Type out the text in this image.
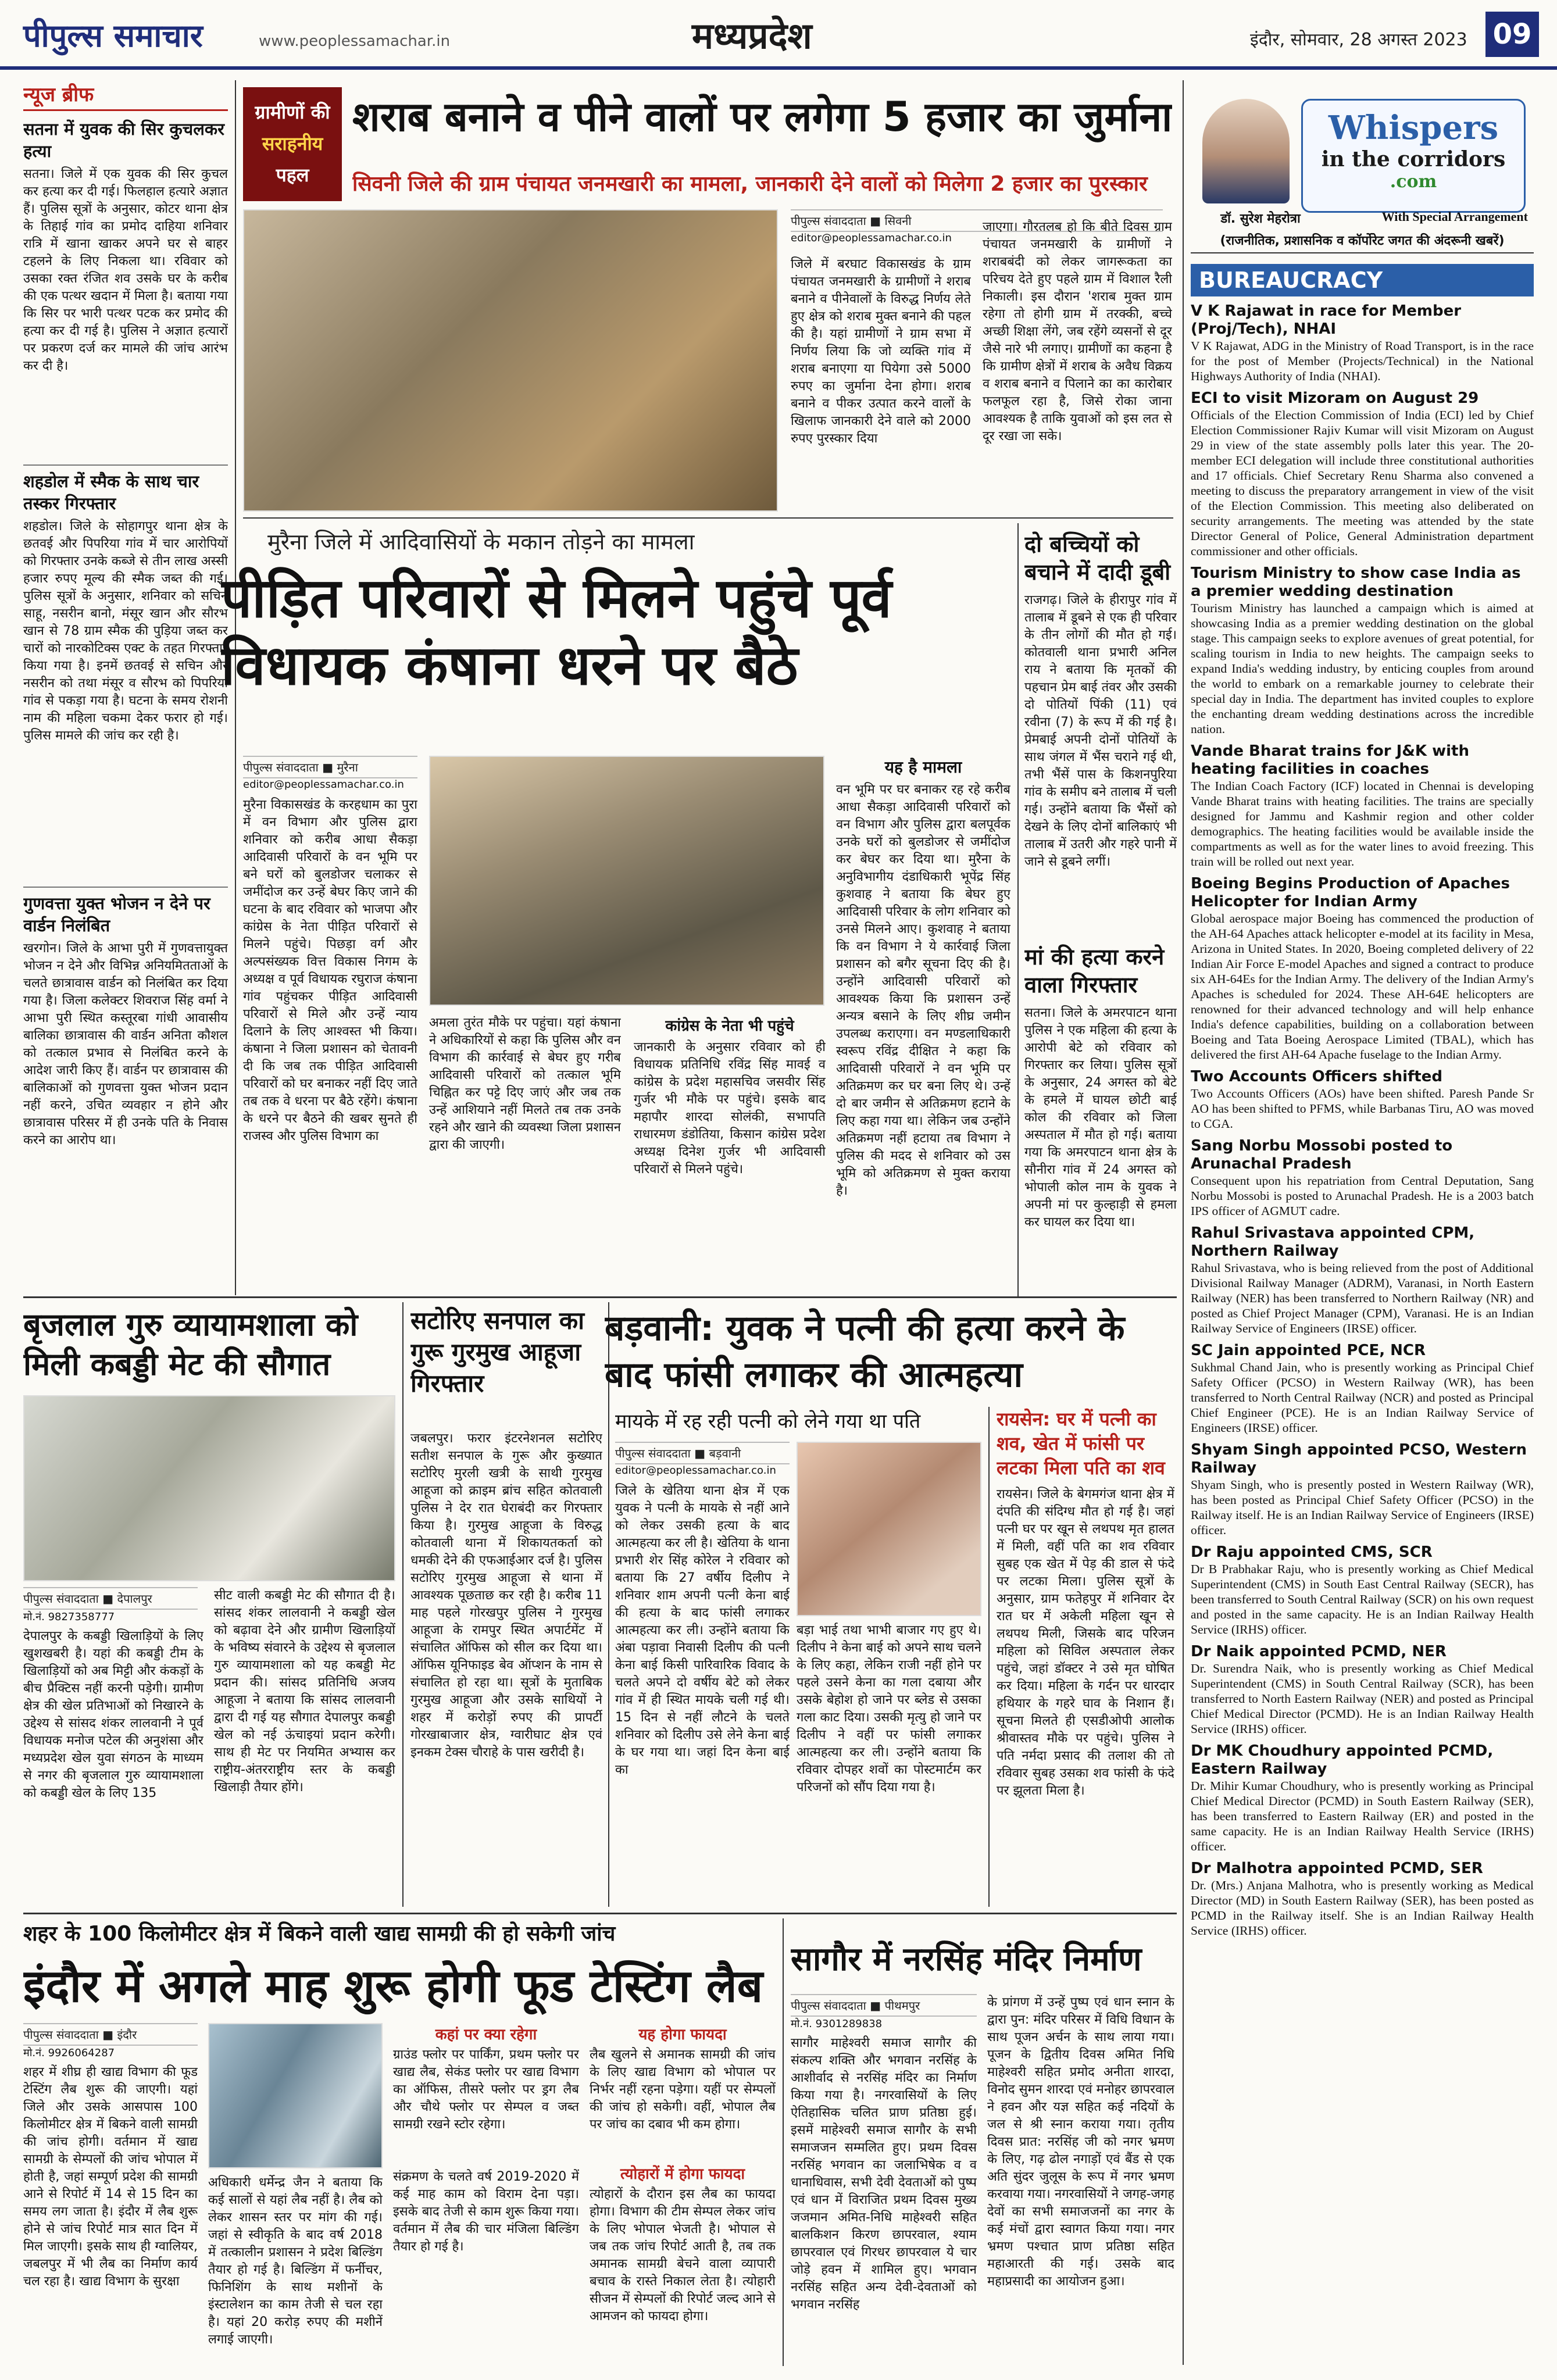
पीपुल्स समाचार	www.peoplessamachar.in	मध्यप्रदेश	इंदौर, सोमवार, 28 अगस्त 2023 09
न्यूज ब्रीफ
सतना में युवक की सिर कुचलकर हत्या
सतना। जिले में एक युवक की सिर कुचल कर हत्या कर दी गई। फिलहाल हत्यारे अज्ञात हैं। पुलिस सूत्रों के अनुसार, कोटर थाना क्षेत्र के तिहाई गांव का प्रमोद दाहिया शनिवार रात्रि में खाना खाकर अपने घर से बाहर टहलने के लिए निकला था। रविवार को उसका रक्त रंजित शव उसके घर के करीब की एक पत्थर खदान में मिला है। बताया गया कि सिर पर भारी पत्थर पटक कर प्रमोद की हत्या कर दी गई है। पुलिस ने अज्ञात हत्यारों पर प्रकरण दर्ज कर मामले की जांच आरंभ कर दी है।
शहडोल में स्मैक के साथ चार तस्कर गिरफ्तार
शहडोल। जिले के सोहागपुर थाना क्षेत्र के छतवई और पिपरिया गांव में चार आरोपियों को गिरफ्तार उनके कब्जे से तीन लाख अस्सी हजार रुपए मूल्य की स्मैक जब्त की गई। पुलिस सूत्रों के अनुसार, शनिवार को सचिन साहू, नसरीन बानो, मंसूर खान और सौरभ खान से 78 ग्राम स्मैक की पुड़िया जब्त कर चारों को नारकोटिक्स एक्ट के तहत गिरफ्तार किया गया है। इनमें छतवई से सचिन और नसरीन को तथा मंसूर व सौरभ को पिपरिया गांव से पकड़ा गया है। घटना के समय रोशनी नाम की महिला चकमा देकर फरार हो गई। पुलिस मामले की जांच कर रही है।
गुणवत्ता युक्त भोजन न देने पर वार्डन निलंबित
खरगोन। जिले के आभा पुरी में गुणवत्तायुक्त भोजन न देने और विभिन्न अनियमितताओं के चलते छात्रावास वार्डन को निलंबित कर दिया गया है। जिला कलेक्टर शिवराज सिंह वर्मा ने आभा पुरी स्थित कस्तूरबा गांधी आवासीय बालिका छात्रावास की वार्डन अनिता कौशल को तत्काल प्रभाव से निलंबित करने के आदेश जारी किए हैं। वार्डन पर छात्रावास की बालिकाओं को गुणवत्ता युक्त भोजन प्रदान नहीं करने, उचित व्यवहार न होने और छात्रावास परिसर में ही उनके पति के निवास करने का आरोप था।
ग्रामीणों की
सराहनीय
पहल
शराब बनाने व पीने वालों पर लगेगा 5 हजार का जुर्माना
सिवनी जिले की ग्राम पंचायत जनमखारी का मामला, जानकारी देने वालों को मिलेगा 2 हजार का पुरस्कार
पीपुल्स संवाददाता ■ सिवनी
editor@peoplessamachar.co.in
जिले में बरघाट विकासखंड के ग्राम पंचायत जनमखारी के ग्रामीणों ने शराब बनाने व पीनेवालों के विरुद्ध निर्णय लेते हुए क्षेत्र को शराब मुक्त बनाने की पहल की है। यहां ग्रामीणों ने ग्राम सभा में निर्णय लिया कि जो व्यक्ति गांव में शराब बनाएगा या पियेगा उसे 5000 रुपए का जुर्माना देना होगा। शराब बनाने व पीकर उत्पात करने वालों के खिलाफ जानकारी देने वाले को 2000 रुपए पुरस्कार दिया
जाएगा। गौरतलब हो कि बीते दिवस ग्राम पंचायत जनमखारी के ग्रामीणों ने शराबबंदी को लेकर जागरूकता का परिचय देते हुए पहले ग्राम में विशाल रैली निकाली। इस दौरान 'शराब मुक्त ग्राम रहेगा तो होगी ग्राम में तरक्की, बच्चे अच्छी शिक्षा लेंगे, जब रहेंगे व्यसनों से दूर जैसे नारे भी लगाए। ग्रामीणों का कहना है कि ग्रामीण क्षेत्रों में शराब के अवैध विक्रय व शराब बनाने व पिलाने का का कारोबार फलफूल रहा है, जिसे रोका जाना आवश्यक है ताकि युवाओं को इस लत से दूर रखा जा सके।
मुरैना जिले में आदिवासियों के मकान तोड़ने का मामला
पीड़ित परिवारों से मिलने पहुंचे पूर्व विधायक कंषाना धरने पर बैठे
पीपुल्स संवाददाता ■ मुरैना
editor@peoplessamachar.co.in
मुरैना विकासखंड के करहधाम का पुरा में वन विभाग और पुलिस द्वारा शनिवार को करीब आधा सैकड़ा आदिवासी परिवारों के वन भूमि पर बने घरों को बुलडोजर चलाकर से जमींदोज कर उन्हें बेघर किए जाने की घटना के बाद रविवार को भाजपा और कांग्रेस के नेता पीड़ित परिवारों से मिलने पहुंचे। पिछड़ा वर्ग और अल्पसंख्यक वित्त विकास निगम के अध्यक्ष व पूर्व विधायक रघुराज कंषाना गांव पहुंचकर पीड़ित आदिवासी परिवारों से मिले और उन्हें न्याय दिलाने के लिए आश्वस्त भी किया। कंषाना ने जिला प्रशासन को चेतावनी दी कि जब तक पीड़ित आदिवासी परिवारों को घर बनाकर नहीं दिए जाते तब तक वे धरना पर बैठे रहेंगे। कंषाना के धरने पर बैठने की खबर सुनते ही राजस्व और पुलिस विभाग का
अमला तुरंत मौके पर पहुंचा। यहां कंषाना ने अधिकारियों से कहा कि पुलिस और वन विभाग की कार्रवाई से बेघर हुए गरीब आदिवासी परिवारों को तत्काल भूमि चिह्नित कर पट्टे दिए जाएं और जब तक उन्हें आशियाने नहीं मिलते तब तक उनके रहने और खाने की व्यवस्था जिला प्रशासन द्वारा की जाएगी।
कांग्रेस के नेता भी पहुंचे
जानकारी के अनुसार रविवार को ही विधायक प्रतिनिधि रविंद्र सिंह मावई व कांग्रेस के प्रदेश महासचिव जसवीर सिंह गुर्जर भी मौके पर पहुंचे। इसके बाद महापौर शारदा सोलंकी, सभापति राधारमण डंडोतिया, किसान कांग्रेस प्रदेश अध्यक्ष दिनेश गुर्जर भी आदिवासी परिवारों से मिलने पहुंचे।
यह है मामला
वन भूमि पर घर बनाकर रह रहे करीब आधा सैकड़ा आदिवासी परिवारों को वन विभाग और पुलिस द्वारा बलपूर्वक उनके घरों को बुलडोजर से जमींदोज कर बेघर कर दिया था। मुरैना के अनुविभागीय दंडाधिकारी भूपेंद्र सिंह कुशवाह ने बताया कि बेघर हुए आदिवासी परिवार के लोग शनिवार को उनसे मिलने आए। कुशवाह ने बताया कि वन विभाग ने ये कार्रवाई जिला प्रशासन को बगैर सूचना दिए की है। उन्होंने आदिवासी परिवारों को आवश्यक किया कि प्रशासन उन्हें अन्यत्र बसाने के लिए शीघ्र जमीन उपलब्ध कराएगा। वन मण्डलाधिकारी स्वरूप रविंद्र दीक्षित ने कहा कि आदिवासी परिवारों ने वन भूमि पर अतिक्रमण कर घर बना लिए थे। उन्हें दो बार जमीन से अतिक्रमण हटाने के लिए कहा गया था। लेकिन जब उन्होंने अतिक्रमण नहीं हटाया तब विभाग ने पुलिस की मदद से शनिवार को उस भूमि को अतिक्रमण से मुक्त कराया है।
दो बच्चियों को बचाने में दादी डूबी
राजगढ़। जिले के हीरापुर गांव में तालाब में डूबने से एक ही परिवार के तीन लोगों की मौत हो गई। कोतवाली थाना प्रभारी अनिल राय ने बताया कि मृतकों की पहचान प्रेम बाई तंवर और उसकी दो पोतियों पिंकी (11) एवं रवीना (7) के रूप में की गई है। प्रेमबाई अपनी दोनों पोतियों के साथ जंगल में भैंस चराने गई थी, तभी भैंसें पास के किशनपुरिया गांव के समीप बने तालाब में चली गई। उन्होंने बताया कि भैंसों को देखने के लिए दोनों बालिकाएं भी तालाब में उतरी और गहरे पानी में जाने से डूबने लगीं।
मां की हत्या करने वाला गिरफ्तार
सतना। जिले के अमरपाटन थाना पुलिस ने एक महिला की हत्या के आरोपी बेटे को रविवार को गिरफ्तार कर लिया। पुलिस सूत्रों के अनुसार, 24 अगस्त को बेटे के हमले में घायल छोटी बाई कोल की रविवार को जिला अस्पताल में मौत हो गई। बताया गया कि अमरपाटन थाना क्षेत्र के सौनीरा गांव में 24 अगस्त को भोपाली कोल नाम के युवक ने अपनी मां पर कुल्हाड़ी से हमला कर घायल कर दिया था।
बृजलाल गुरु व्यायामशाला को मिली कबड्डी मेट की सौगात
पीपुल्स संवाददाता ■ देपालपुर
मो.नं. 9827358777
देपालपुर के कबड्डी खिलाड़ियों के लिए खुशखबरी है। यहां की कबड्डी टीम के खिलाड़ियों को अब मिट्टी और कंकड़ों के बीच प्रैक्टिस नहीं करनी पड़ेगी। ग्रामीण क्षेत्र की खेल प्रतिभाओं को निखारने के उद्देश्य से सांसद शंकर लालवानी ने पूर्व विधायक मनोज पटेल की अनुशंसा और मध्यप्रदेश खेल युवा संगठन के माध्यम से नगर की बृजलाल गुरु व्यायामशाला को कबड्डी खेल के लिए 135
सीट वाली कबड्डी मेट की सौगात दी है। सांसद शंकर लालवानी ने कबड्डी खेल को बढ़ावा देने और ग्रामीण खिलाड़ियों के भविष्य संवारने के उद्देश्य से बृजलाल गुरु व्यायामशाला को यह कबड्डी मेट प्रदान की। सांसद प्रतिनिधि अजय आहूजा ने बताया कि सांसद लालवानी द्वारा दी गई यह सौगात देपालपुर कबड्डी खेल को नई ऊंचाइयां प्रदान करेगी। साथ ही मेट पर नियमित अभ्यास कर राष्ट्रीय-अंतरराष्ट्रीय स्तर के कबड्डी खिलाड़ी तैयार होंगे।
सटोरिए सनपाल का गुरू गुरमुख आहूजा गिरफ्तार
जबलपुर। फरार इंटरनेशनल सटोरिए सतीश सनपाल के गुरू और कुख्यात सटोरिए मुरली खत्री के साथी गुरमुख आहूजा को क्राइम ब्रांच सहित कोतवाली पुलिस ने देर रात घेराबंदी कर गिरफ्तार किया है। गुरमुख आहूजा के विरुद्ध कोतवाली थाना में शिकायतकर्ता को धमकी देने की एफआईआर दर्ज है। पुलिस सटोरिए गुरमुख आहूजा से थाना में आवश्यक पूछताछ कर रही है। करीब 11 माह पहले गोरखपुर पुलिस ने गुरमुख आहूजा के रामपुर स्थित अपार्टमेंट में संचालित ऑफिस को सील कर दिया था। ऑफिस यूनिफाइड बेव ऑप्शन के नाम से संचालित हो रहा था। सूत्रों के मुताबिक गुरमुख आहूजा और उसके साथियों ने शहर में करोड़ों रुपए की प्रापर्टी गोरखाबाजार क्षेत्र, ग्वारीघाट क्षेत्र एवं इनकम टेक्स चौराहे के पास खरीदी है।
बड़वानी: युवक ने पत्नी की हत्या करने के बाद फांसी लगाकर की आत्महत्या
मायके में रह रही पत्नी को लेने गया था पति
पीपुल्स संवाददाता ■ बड़वानी
editor@peoplessamachar.co.in
जिले के खेतिया थाना क्षेत्र में एक युवक ने पत्नी के मायके से नहीं आने को लेकर उसकी हत्या के बाद आत्महत्या कर ली है। खेतिया के थाना प्रभारी शेर सिंह कोरेल ने रविवार को बताया कि 27 वर्षीय दिलीप ने शनिवार शाम अपनी पत्नी केना बाई की हत्या के बाद फांसी लगाकर आत्महत्या कर ली। उन्होंने बताया कि अंबा पड़ावा निवासी दिलीप की पत्नी केना बाई किसी पारिवारिक विवाद के चलते अपने दो वर्षीय बेटे को लेकर गांव में ही स्थित मायके चली गई थी। 15 दिन से नहीं लौटने के चलते शनिवार को दिलीप उसे लेने केना बाई के घर गया था। जहां दिन केना बाई का
बड़ा भाई तथा भाभी बाजार गए हुए थे। दिलीप ने केना बाई को अपने साथ चलने के लिए कहा, लेकिन राजी नहीं होने पर पहले उसने केना का गला दबाया और उसके बेहोश हो जाने पर ब्लेड से उसका गला काट दिया। उसकी मृत्यु हो जाने पर दिलीप ने वहीं पर फांसी लगाकर आत्महत्या कर ली। उन्होंने बताया कि रविवार दोपहर शवों का पोस्टमार्टम कर परिजनों को सौंप दिया गया है।
रायसेन: घर में पत्नी का शव, खेत में फांसी पर लटका मिला पति का शव
रायसेन। जिले के बेगमगंज थाना क्षेत्र में दंपति की संदिग्ध मौत हो गई है। जहां पत्नी घर पर खून से लथपथ मृत हालत में मिली, वहीं पति का शव रविवार सुबह एक खेत में पेड़ की डाल से फंदे पर लटका मिला। पुलिस सूत्रों के अनुसार, ग्राम फतेहपुर में शनिवार देर रात घर में अकेली महिला खून से लथपथ मिली, जिसके बाद परिजन महिला को सिविल अस्पताल लेकर पहुंचे, जहां डॉक्टर ने उसे मृत घोषित कर दिया। महिला के गर्दन पर धारदार हथियार के गहरे घाव के निशान हैं। सूचना मिलते ही एसडीओपी आलोक श्रीवास्तव मौके पर पहुंचे। पुलिस ने पति नर्मदा प्रसाद की तलाश की तो रविवार सुबह उसका शव फांसी के फंदे पर झूलता मिला है।
शहर के 100 किलोमीटर क्षेत्र में बिकने वाली खाद्य सामग्री की हो सकेगी जांच
इंदौर में अगले माह शुरू होगी फूड टेस्टिंग लैब
पीपुल्स संवाददाता ■ इंदौर
मो.नं. 9926064287
शहर में शीघ्र ही खाद्य विभाग की फूड टेस्टिंग लैब शुरू की जाएगी। यहां जिले और उसके आसपास 100 किलोमीटर क्षेत्र में बिकने वाली सामग्री की जांच होगी। वर्तमान में खाद्य सामग्री के सेम्पलों की जांच भोपाल में होती है, जहां सम्पूर्ण प्रदेश की सामग्री आने से रिपोर्ट में 14 से 15 दिन का समय लग जाता है। इंदौर में लैब शुरू होने से जांच रिपोर्ट मात्र सात दिन में मिल जाएगी। इसके साथ ही ग्वालियर, जबलपुर में भी लैब का निर्माण कार्य चल रहा है। खाद्य विभाग के सुरक्षा
अधिकारी धर्मेन्द्र जैन ने बताया कि कई सालों से यहां लैब नहीं है। लैब को लेकर शासन स्तर पर मांग की गई। जहां से स्वीकृति के बाद वर्ष 2018 में तत्कालीन प्रशासन ने प्रदेश बिल्डिंग तैयार हो गई है। बिल्डिंग में फर्नीचर, फिनिशिंग के साथ मशीनों के इंस्टालेशन का काम तेजी से चल रहा है। यहां 20 करोड़ रुपए की मशीनें लगाई जाएगी।
कहां पर क्या रहेगा
ग्राउंड फ्लोर पर पार्किंग, प्रथम फ्लोर पर खाद्य लैब, सेकंड फ्लोर पर खाद्य विभाग का ऑफिस, तीसरे फ्लोर पर ड्रग लैब और चौथे फ्लोर पर सेम्पल व जब्त सामग्री रखने स्टोर रहेगा।
संक्रमण के चलते वर्ष 2019-2020 में कई माह काम को विराम देना पड़ा। इसके बाद तेजी से काम शुरू किया गया। वर्तमान में लैब की चार मंजिला बिल्डिंग तैयार हो गई है।
यह होगा फायदा
लैब खुलने से अमानक सामग्री की जांच के लिए खाद्य विभाग को भोपाल पर निर्भर नहीं रहना पड़ेगा। यहीं पर सेम्पलों की जांच हो सकेगी। वहीं, भोपाल लैब पर जांच का दबाव भी कम होगा।
त्योहारों में होगा फायदा
त्योहारों के दौरान इस लैब का फायदा होगा। विभाग की टीम सेम्पल लेकर जांच के लिए भोपाल भेजती है। भोपाल से जब तक जांच रिपोर्ट आती है, तब तक अमानक सामग्री बेचने वाला व्यापारी बचाव के रास्ते निकाल लेता है। त्योहारी सीजन में सेम्पलों की रिपोर्ट जल्द आने से आमजन को फायदा होगा।
सागौर में नरसिंह मंदिर निर्माण
पीपुल्स संवाददाता ■ पीथमपुर
मो.नं. 9301289838
सागौर माहेश्वरी समाज सागौर की संकल्प शक्ति और भगवान नरसिंह के आशीर्वाद से नरसिंह मंदिर का निर्माण किया गया है। नगरवासियों के लिए ऐतिहासिक चलित प्राण प्रतिष्ठा हुई। इसमें माहेश्वरी समाज सागौर के सभी समाजजन सम्मलित हुए। प्रथम दिवस नरसिंह भगवान का जलाभिषेक व व धानाधिवास, सभी देवी देवताओं को पुष्प एवं धान में विराजित प्रथम दिवस मुख्य जजमान अमित-निधि माहेश्वरी सहित बालकिशन किरण छापरवाल, श्याम छापरवाल एवं गिरधर छापरवाल ये चार जोड़े हवन में शामिल हुए। भगवान नरसिंह सहित अन्य देवी-देवताओं को भगवान नरसिंह
के प्रांगण में उन्हें पुष्प एवं धान स्नान के द्वारा पुन: मंदिर परिसर में विधि विधान के साथ पूजन अर्चन के साथ लाया गया। पूजन के द्वितीय दिवस अमित निधि माहेश्वरी सहित प्रमोद अनीता शारदा, विनोद सुमन शारदा एवं मनोहर छापरवाल ने हवन और यज्ञ सहित कई नदियों के जल से श्री स्नान कराया गया। तृतीय दिवस प्रात: नरसिंह जी को नगर भ्रमण के लिए, गढ़ ढोल नगाड़ों एवं बैंड से एक अति सुंदर जुलूस के रूप में नगर भ्रमण करवाया गया। नगरवासियों ने जगह-जगह देवों का सभी समाजजनों का नगर के कई मंचों द्वारा स्वागत किया गया। नगर भ्रमण पश्चात प्राण प्रतिष्ठा सहित महाआरती की गई। उसके बाद महाप्रसादी का आयोजन हुआ।
Whispers
in the corridors
.com
डॉ. सुरेश मेहरोत्रा	With Special Arrangement
(राजनीतिक, प्रशासनिक व कॉर्पोरेट जगत की अंदरूनी खबरें)
BUREAUCRACY
V K Rajawat in race for Member (Proj/Tech), NHAI
V K Rajawat, ADG in the Ministry of Road Transport, is in the race for the post of Member (Projects/Technical) in the National Highways Authority of India (NHAI).
ECI to visit Mizoram on August 29
Officials of the Election Commission of India (ECI) led by Chief Election Commissioner Rajiv Kumar will visit Mizoram on August 29 in view of the state assembly polls later this year. The 20-member ECI delegation will include three constitutional authorities and 17 officials. Chief Secretary Renu Sharma also convened a meeting to discuss the preparatory arrangement in view of the visit of the Election Commission. This meeting also deliberated on security arrangements. The meeting was attended by the state Director General of Police, General Administration department commissioner and other officials.
Tourism Ministry to show case India as a premier wedding destination
Tourism Ministry has launched a campaign which is aimed at showcasing India as a premier wedding destination on the global stage. This campaign seeks to explore avenues of great potential, for scaling tourism in India to new heights. The campaign seeks to expand India's wedding industry, by enticing couples from around the world to embark on a remarkable journey to celebrate their special day in India. The department has invited couples to explore the enchanting dream wedding destinations across the incredible nation.
Vande Bharat trains for J&K with heating facilities in coaches
The Indian Coach Factory (ICF) located in Chennai is developing Vande Bharat trains with heating facilities. The trains are specially designed for Jammu and Kashmir region and other colder demographics. The heating facilities would be available inside the compartments as well as for the water lines to avoid freezing. This train will be rolled out next year.
Boeing Begins Production of Apaches Helicopter for Indian Army
Global aerospace major Boeing has commenced the production of the AH-64 Apaches attack helicopter e-model at its facility in Mesa, Arizona in United States. In 2020, Boeing completed delivery of 22 Indian Air Force E-model Apaches and signed a contract to produce six AH-64Es for the Indian Army. The delivery of the Indian Army's Apaches is scheduled for 2024. These AH-64E helicopters are renowned for their advanced technology and will help enhance India's defence capabilities, building on a collaboration between Boeing and Tata Boeing Aerospace Limited (TBAL), which has delivered the first AH-64 Apache fuselage to the Indian Army.
Two Accounts Officers shifted
Two Accounts Officers (AOs) have been shifted. Paresh Pande Sr AO has been shifted to PFMS, while Barbanas Tiru, AO was moved to CGA.
Sang Norbu Mossobi posted to Arunachal Pradesh
Consequent upon his repatriation from Central Deputation, Sang Norbu Mossobi is posted to Arunachal Pradesh. He is a 2003 batch IPS officer of AGMUT cadre.
Rahul Srivastava appointed CPM, Northern Railway
Rahul Srivastava, who is being relieved from the post of Additional Divisional Railway Manager (ADRM), Varanasi, in North Eastern Railway (NER) has been transferred to Northern Railway (NR) and posted as Chief Project Manager (CPM), Varanasi. He is an Indian Railway Service of Engineers (IRSE) officer.
SC Jain appointed PCE, NCR
Sukhmal Chand Jain, who is presently working as Principal Chief Safety Officer (PCSO) in Western Railway (WR), has been transferred to North Central Railway (NCR) and posted as Principal Chief Engineer (PCE). He is an Indian Railway Service of Engineers (IRSE) officer.
Shyam Singh appointed PCSO, Western Railway
Shyam Singh, who is presently posted in Western Railway (WR), has been posted as Principal Chief Safety Officer (PCSO) in the Railway itself. He is an Indian Railway Service of Engineers (IRSE) officer.
Dr Raju appointed CMS, SCR
Dr B Prabhakar Raju, who is presently working as Chief Medical Superintendent (CMS) in South East Central Railway (SECR), has been transferred to South Central Railway (SCR) on his own request and posted in the same capacity. He is an Indian Railway Health Service (IRHS) officer.
Dr Naik appointed PCMD, NER
Dr. Surendra Naik, who is presently working as Chief Medical Superintendent (CMS) in South Central Railway (SCR), has been transferred to North Eastern Railway (NER) and posted as Principal Chief Medical Director (PCMD). He is an Indian Railway Health Service (IRHS) officer.
Dr MK Choudhury appointed PCMD, Eastern Railway
Dr. Mihir Kumar Choudhury, who is presently working as Principal Chief Medical Director (PCMD) in South Eastern Railway (SER), has been transferred to Eastern Railway (ER) and posted in the same capacity. He is an Indian Railway Health Service (IRHS) officer.
Dr Malhotra appointed PCMD, SER
Dr. (Mrs.) Anjana Malhotra, who is presently working as Medical Director (MD) in South Eastern Railway (SER), has been posted as PCMD in the Railway itself. She is an Indian Railway Health Service (IRHS) officer.
